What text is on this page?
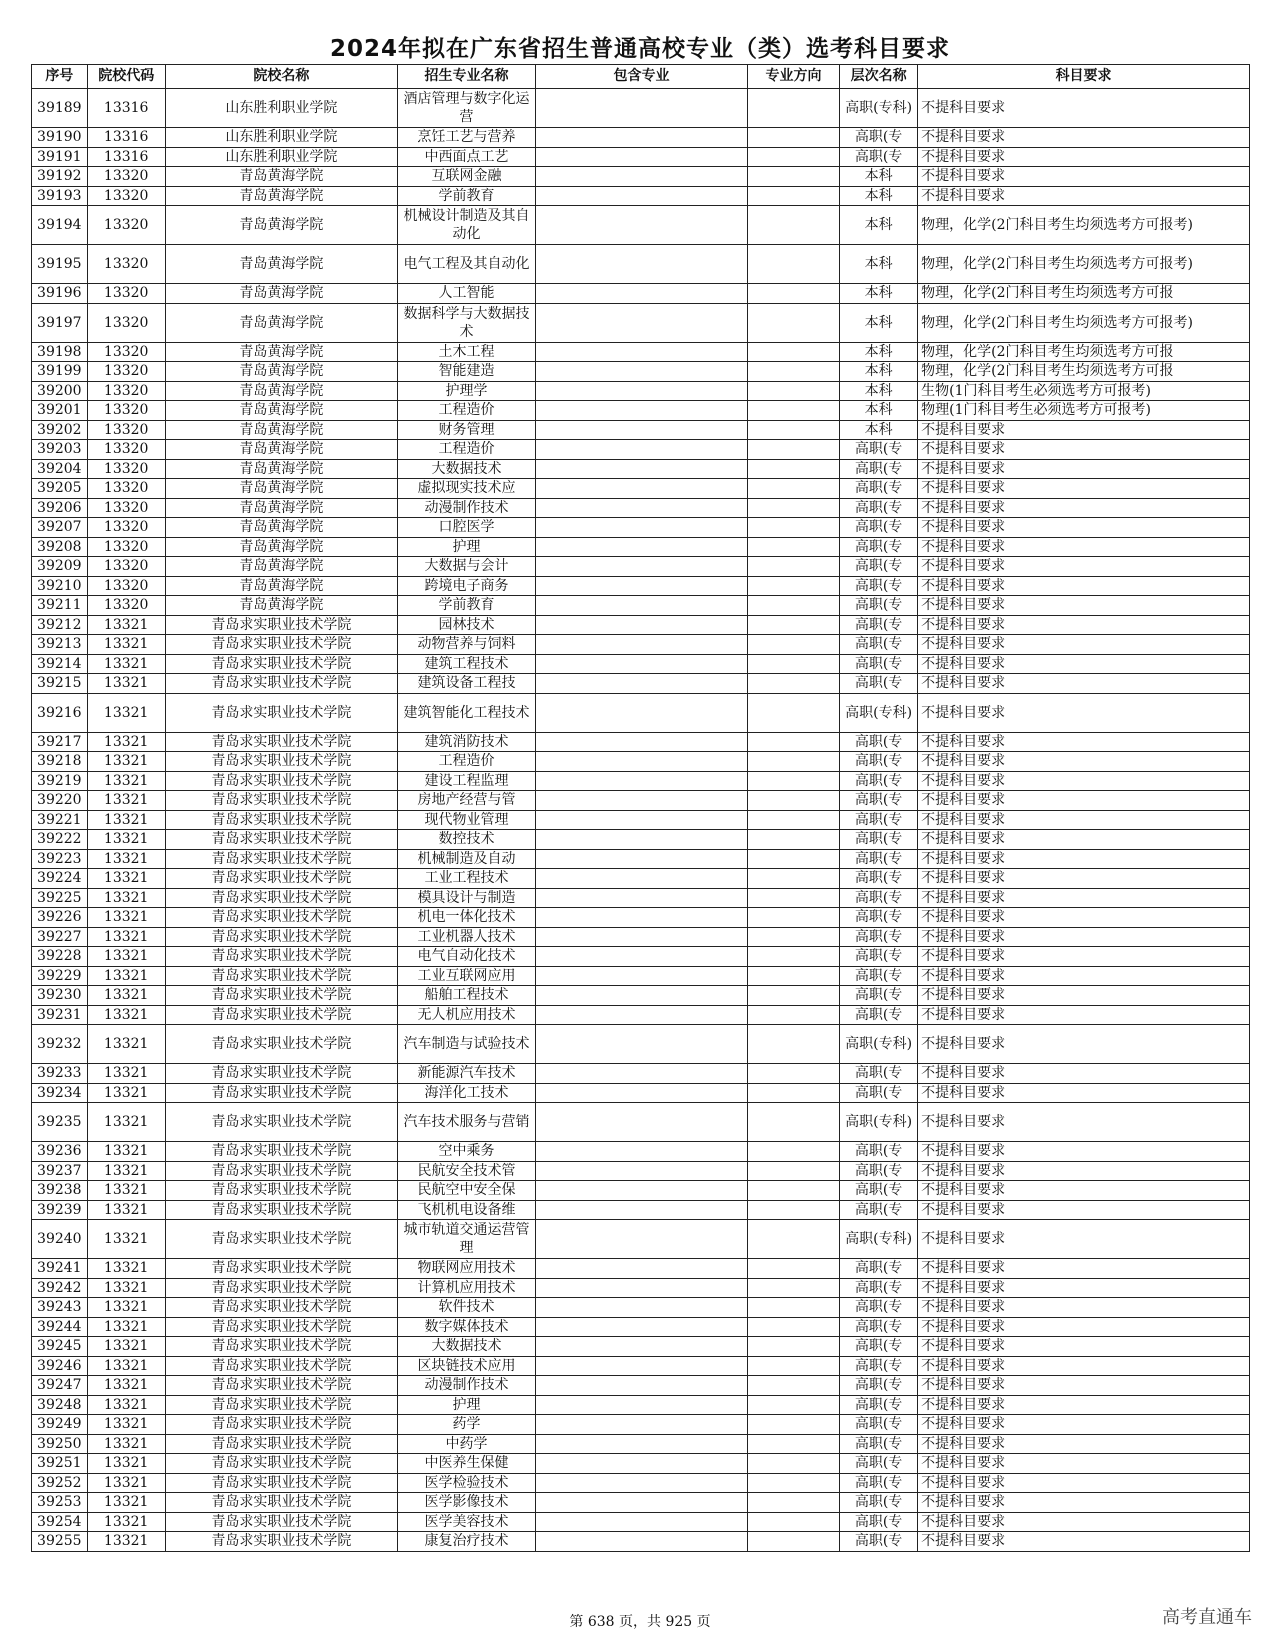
2024年拟在广东省招生普通高校专业（类）选考科目要求
序号	院校代码	院校名称	招生专业名称	包含专业	专业方向	层次名称	科目要求
39189	13316	山东胜利职业学院	酒店管理与数字化运营			高职(专科)	不提科目要求
39190	13316	山东胜利职业学院	烹饪工艺与营养			高职(专	不提科目要求
39191	13316	山东胜利职业学院	中西面点工艺			高职(专	不提科目要求
39192	13320	青岛黄海学院	互联网金融			本科	不提科目要求
39193	13320	青岛黄海学院	学前教育			本科	不提科目要求
39194	13320	青岛黄海学院	机械设计制造及其自动化			本科	物理，化学(2门科目考生均须选考方可报考)
39195	13320	青岛黄海学院	电气工程及其自动化			本科	物理，化学(2门科目考生均须选考方可报考)
39196	13320	青岛黄海学院	人工智能			本科	物理，化学(2门科目考生均须选考方可报
39197	13320	青岛黄海学院	数据科学与大数据技术			本科	物理，化学(2门科目考生均须选考方可报考)
39198	13320	青岛黄海学院	土木工程			本科	物理，化学(2门科目考生均须选考方可报
39199	13320	青岛黄海学院	智能建造			本科	物理，化学(2门科目考生均须选考方可报
39200	13320	青岛黄海学院	护理学			本科	生物(1门科目考生必须选考方可报考)
39201	13320	青岛黄海学院	工程造价			本科	物理(1门科目考生必须选考方可报考)
39202	13320	青岛黄海学院	财务管理			本科	不提科目要求
39203	13320	青岛黄海学院	工程造价			高职(专	不提科目要求
39204	13320	青岛黄海学院	大数据技术			高职(专	不提科目要求
39205	13320	青岛黄海学院	虚拟现实技术应			高职(专	不提科目要求
39206	13320	青岛黄海学院	动漫制作技术			高职(专	不提科目要求
39207	13320	青岛黄海学院	口腔医学			高职(专	不提科目要求
39208	13320	青岛黄海学院	护理			高职(专	不提科目要求
39209	13320	青岛黄海学院	大数据与会计			高职(专	不提科目要求
39210	13320	青岛黄海学院	跨境电子商务			高职(专	不提科目要求
39211	13320	青岛黄海学院	学前教育			高职(专	不提科目要求
39212	13321	青岛求实职业技术学院	园林技术			高职(专	不提科目要求
39213	13321	青岛求实职业技术学院	动物营养与饲料			高职(专	不提科目要求
39214	13321	青岛求实职业技术学院	建筑工程技术			高职(专	不提科目要求
39215	13321	青岛求实职业技术学院	建筑设备工程技			高职(专	不提科目要求
39216	13321	青岛求实职业技术学院	建筑智能化工程技术			高职(专科)	不提科目要求
39217	13321	青岛求实职业技术学院	建筑消防技术			高职(专	不提科目要求
39218	13321	青岛求实职业技术学院	工程造价			高职(专	不提科目要求
39219	13321	青岛求实职业技术学院	建设工程监理			高职(专	不提科目要求
39220	13321	青岛求实职业技术学院	房地产经营与管			高职(专	不提科目要求
39221	13321	青岛求实职业技术学院	现代物业管理			高职(专	不提科目要求
39222	13321	青岛求实职业技术学院	数控技术			高职(专	不提科目要求
39223	13321	青岛求实职业技术学院	机械制造及自动			高职(专	不提科目要求
39224	13321	青岛求实职业技术学院	工业工程技术			高职(专	不提科目要求
39225	13321	青岛求实职业技术学院	模具设计与制造			高职(专	不提科目要求
39226	13321	青岛求实职业技术学院	机电一体化技术			高职(专	不提科目要求
39227	13321	青岛求实职业技术学院	工业机器人技术			高职(专	不提科目要求
39228	13321	青岛求实职业技术学院	电气自动化技术			高职(专	不提科目要求
39229	13321	青岛求实职业技术学院	工业互联网应用			高职(专	不提科目要求
39230	13321	青岛求实职业技术学院	船舶工程技术			高职(专	不提科目要求
39231	13321	青岛求实职业技术学院	无人机应用技术			高职(专	不提科目要求
39232	13321	青岛求实职业技术学院	汽车制造与试验技术			高职(专科)	不提科目要求
39233	13321	青岛求实职业技术学院	新能源汽车技术			高职(专	不提科目要求
39234	13321	青岛求实职业技术学院	海洋化工技术			高职(专	不提科目要求
39235	13321	青岛求实职业技术学院	汽车技术服务与营销			高职(专科)	不提科目要求
39236	13321	青岛求实职业技术学院	空中乘务			高职(专	不提科目要求
39237	13321	青岛求实职业技术学院	民航安全技术管			高职(专	不提科目要求
39238	13321	青岛求实职业技术学院	民航空中安全保			高职(专	不提科目要求
39239	13321	青岛求实职业技术学院	飞机机电设备维			高职(专	不提科目要求
39240	13321	青岛求实职业技术学院	城市轨道交通运营管理			高职(专科)	不提科目要求
39241	13321	青岛求实职业技术学院	物联网应用技术			高职(专	不提科目要求
39242	13321	青岛求实职业技术学院	计算机应用技术			高职(专	不提科目要求
39243	13321	青岛求实职业技术学院	软件技术			高职(专	不提科目要求
39244	13321	青岛求实职业技术学院	数字媒体技术			高职(专	不提科目要求
39245	13321	青岛求实职业技术学院	大数据技术			高职(专	不提科目要求
39246	13321	青岛求实职业技术学院	区块链技术应用			高职(专	不提科目要求
39247	13321	青岛求实职业技术学院	动漫制作技术			高职(专	不提科目要求
39248	13321	青岛求实职业技术学院	护理			高职(专	不提科目要求
39249	13321	青岛求实职业技术学院	药学			高职(专	不提科目要求
39250	13321	青岛求实职业技术学院	中药学			高职(专	不提科目要求
39251	13321	青岛求实职业技术学院	中医养生保健			高职(专	不提科目要求
39252	13321	青岛求实职业技术学院	医学检验技术			高职(专	不提科目要求
39253	13321	青岛求实职业技术学院	医学影像技术			高职(专	不提科目要求
39254	13321	青岛求实职业技术学院	医学美容技术			高职(专	不提科目要求
39255	13321	青岛求实职业技术学院	康复治疗技术			高职(专	不提科目要求
第 638 页，共 925 页	高考直通车
